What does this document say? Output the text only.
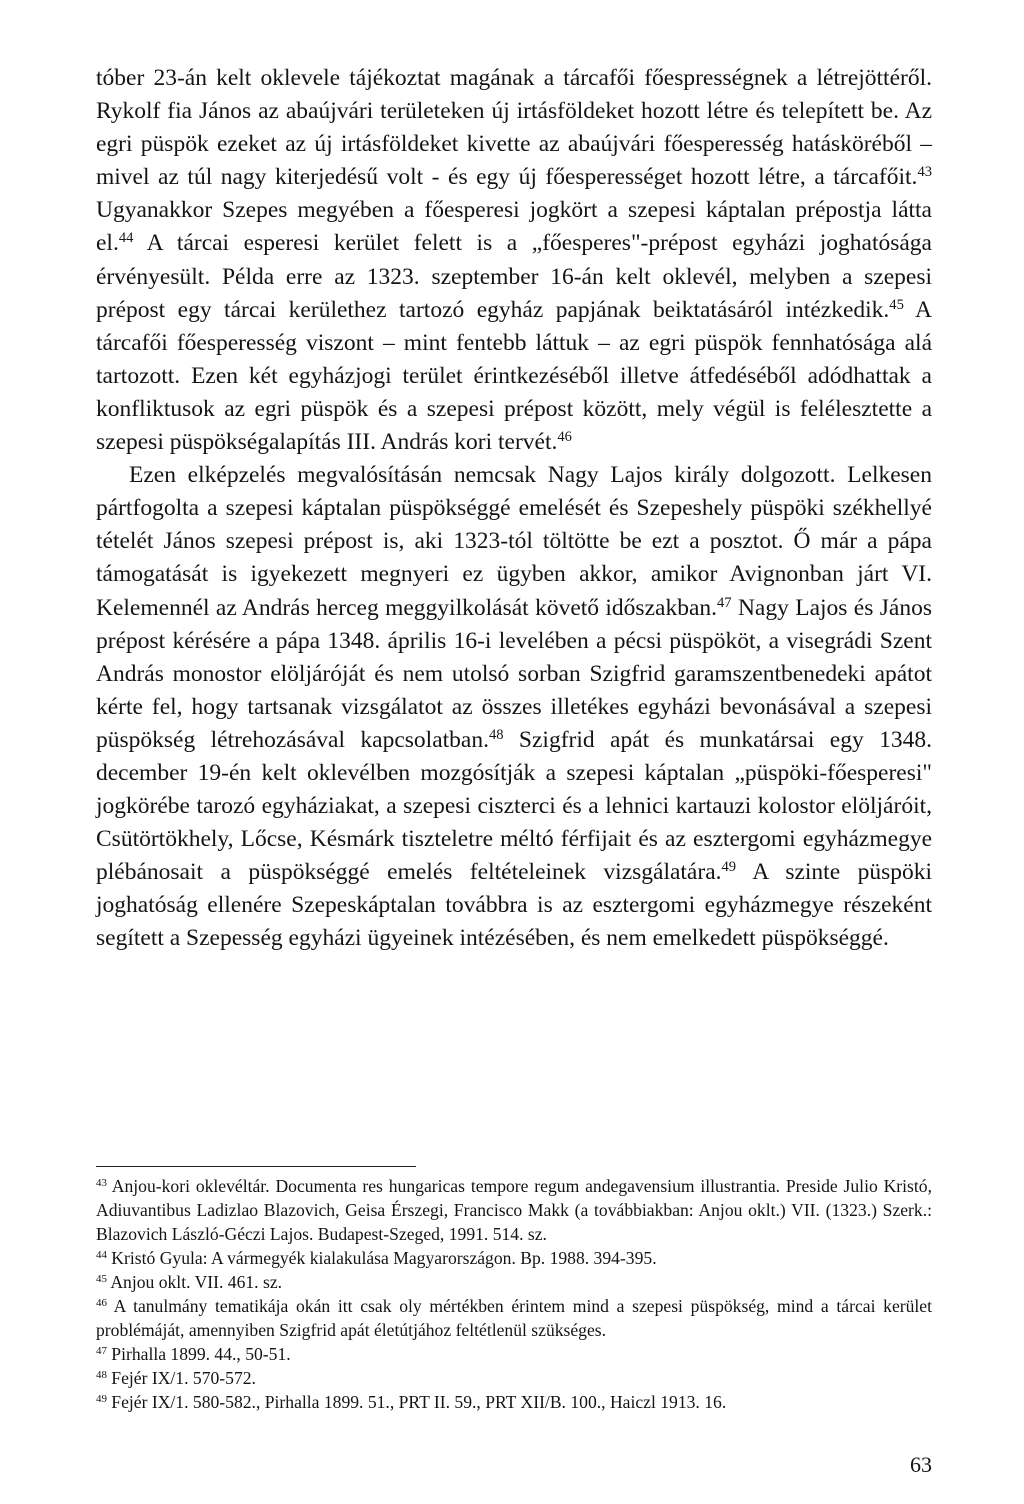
tóber 23-án kelt oklevele tájékoztat magának a tárcafői főesprességnek a létrejöttéről. Rykolf fia János az abaújvári területeken új irtásföldeket hozott létre és telepített be. Az egri püspök ezeket az új irtásföldeket kivette az abaújvári főesperesség hatásköréből – mivel az túl nagy kiterjedésű volt - és egy új főesperességet hozott létre, a tárcafőit.$^{43}$ Ugyanakkor Szepes megyében a főesperesi jogkört a szepesi káptalan prépostja látta el.$^{44}$ A tárcai esperesi kerület felett is a „főesperes"-prépost egyházi joghatósága érvényesült. Példa erre az 1323. szeptember 16-án kelt oklevél, melyben a szepesi prépost egy tárcai kerülethez tartozó egyház papjának beiktatásáról intézkedik.$^{45}$ A tárcafői főesperesség viszont – mint fentebb láttuk – az egri püspök fennhatósága alá tartozott. Ezen két egyházjogi terület érintkezéséből illetve átfedéséből adódhattak a konfliktusok az egri püspök és a szepesi prépost között, mely végül is felélesztette a szepesi püspökségalapítás III. András kori tervét.$^{46}$

Ezen elképzelés megvalósításán nemcsak Nagy Lajos király dolgozott. Lelkesen pártfogolta a szepesi káptalan püspökséggé emelését és Szepeshely püspöki székhellyé tételét János szepesi prépost is, aki 1323-tól töltötte be ezt a posztot. Ő már a pápa támogatását is igyekezett megnyeri ez ügyben akkor, amikor Avignonban járt VI. Kelemennél az András herceg meggyilkolását követő időszakban.$^{47}$ Nagy Lajos és János prépost kérésére a pápa 1348. április 16-i levelében a pécsi püspököt, a visegrádi Szent András monostor elöljáróját és nem utolsó sorban Szigfrid garamszentbenedeki apátot kérte fel, hogy tartsanak vizsgálatot az összes illetékes egyházi bevonásával a szepesi püspökség létrehozásával kapcsolatban.$^{48}$ Szigfrid apát és munkatársai egy 1348. december 19-én kelt oklevélben mozgósítják a szepesi káptalan „püspöki-főesperesi" jogkörébe tarozó egyháziakat, a szepesi ciszterci és a lehnici kartauzi kolostor elöljáróit, Csütörtökhely, Lőcse, Késmárk tiszteletre méltó férfijait és az esztergomi egyházmegye plébánosait a püspökséggé emelés feltételeinek vizsgálatára.$^{49}$ A szinte püspöki joghatóság ellenére Szepeskáptalan továbbra is az esztergomi egyházmegye részeként segített a Szepesség egyházi ügyeinek intézésében, és nem emelkedett püspökséggé.

$^{43}$ Anjou-kori oklevéltár. Documenta res hungaricas tempore regum andegavensium illustrantia. Preside Julio Kristó, Adiuvantibus Ladizlao Blazovich, Geisa Érszegi, Francisco Makk (a továbbiakban: Anjou oklt.) VII. (1323.) Szerk.: Blazovich László-Géczi Lajos. Budapest-Szeged, 1991. 514. sz.

$^{44}$ Kristó Gyula: A vármegyék kialakulása Magyarországon. Bp. 1988. 394-395.

$^{45}$ Anjou oklt. VII. 461. sz.

$^{46}$ A tanulmány tematikája okán itt csak oly mértékben érintem mind a szepesi püspökség, mind a tárcai kerület problémáját, amennyiben Szigfrid apát életútjához feltétlenül szükséges.

$^{47}$ Pirhalla 1899. 44., 50-51.

$^{48}$ Fejér IX/1. 570-572.

$^{49}$ Fejér IX/1. 580-582., Pirhalla 1899. 51., PRT II. 59., PRT XII/B. 100., Haiczl 1913. 16.

63
